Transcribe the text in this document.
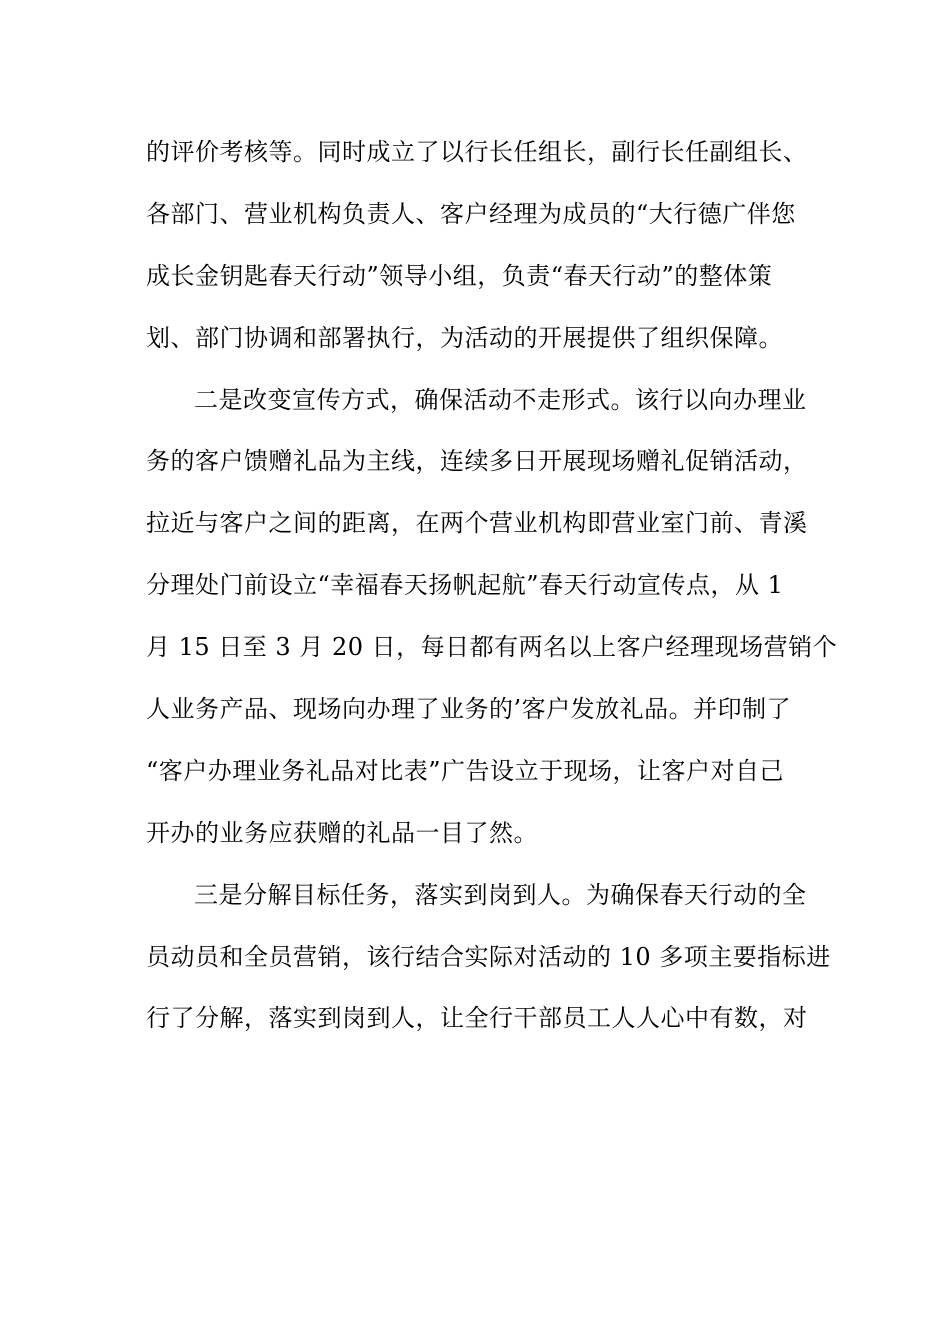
的评价考核等。同时成立了以行长任组长，副行长任副组长、
各部门、营业机构负责人、客户经理为成员的“大行德广伴您
成长金钥匙春天行动”领导小组，负责“春天行动”的整体策
划、部门协调和部署执行，为活动的开展提供了组织保障。
二是改变宣传方式，确保活动不走形式。该行以向办理业
务的客户馈赠礼品为主线，连续多日开展现场赠礼促销活动，
拉近与客户之间的距离，在两个营业机构即营业室门前、青溪
分理处门前设立“幸福春天扬帆起航”春天行动宣传点，从 1
月 15 日至 3 月 20 日，每日都有两名以上客户经理现场营销个
人业务产品、现场向办理了业务的’客户发放礼品。并印制了
“客户办理业务礼品对比表”广告设立于现场，让客户对自己
开办的业务应获赠的礼品一目了然。
三是分解目标任务，落实到岗到人。为确保春天行动的全
员动员和全员营销，该行结合实际对活动的 10 多项主要指标进
行了分解，落实到岗到人，让全行干部员工人人心中有数，对
